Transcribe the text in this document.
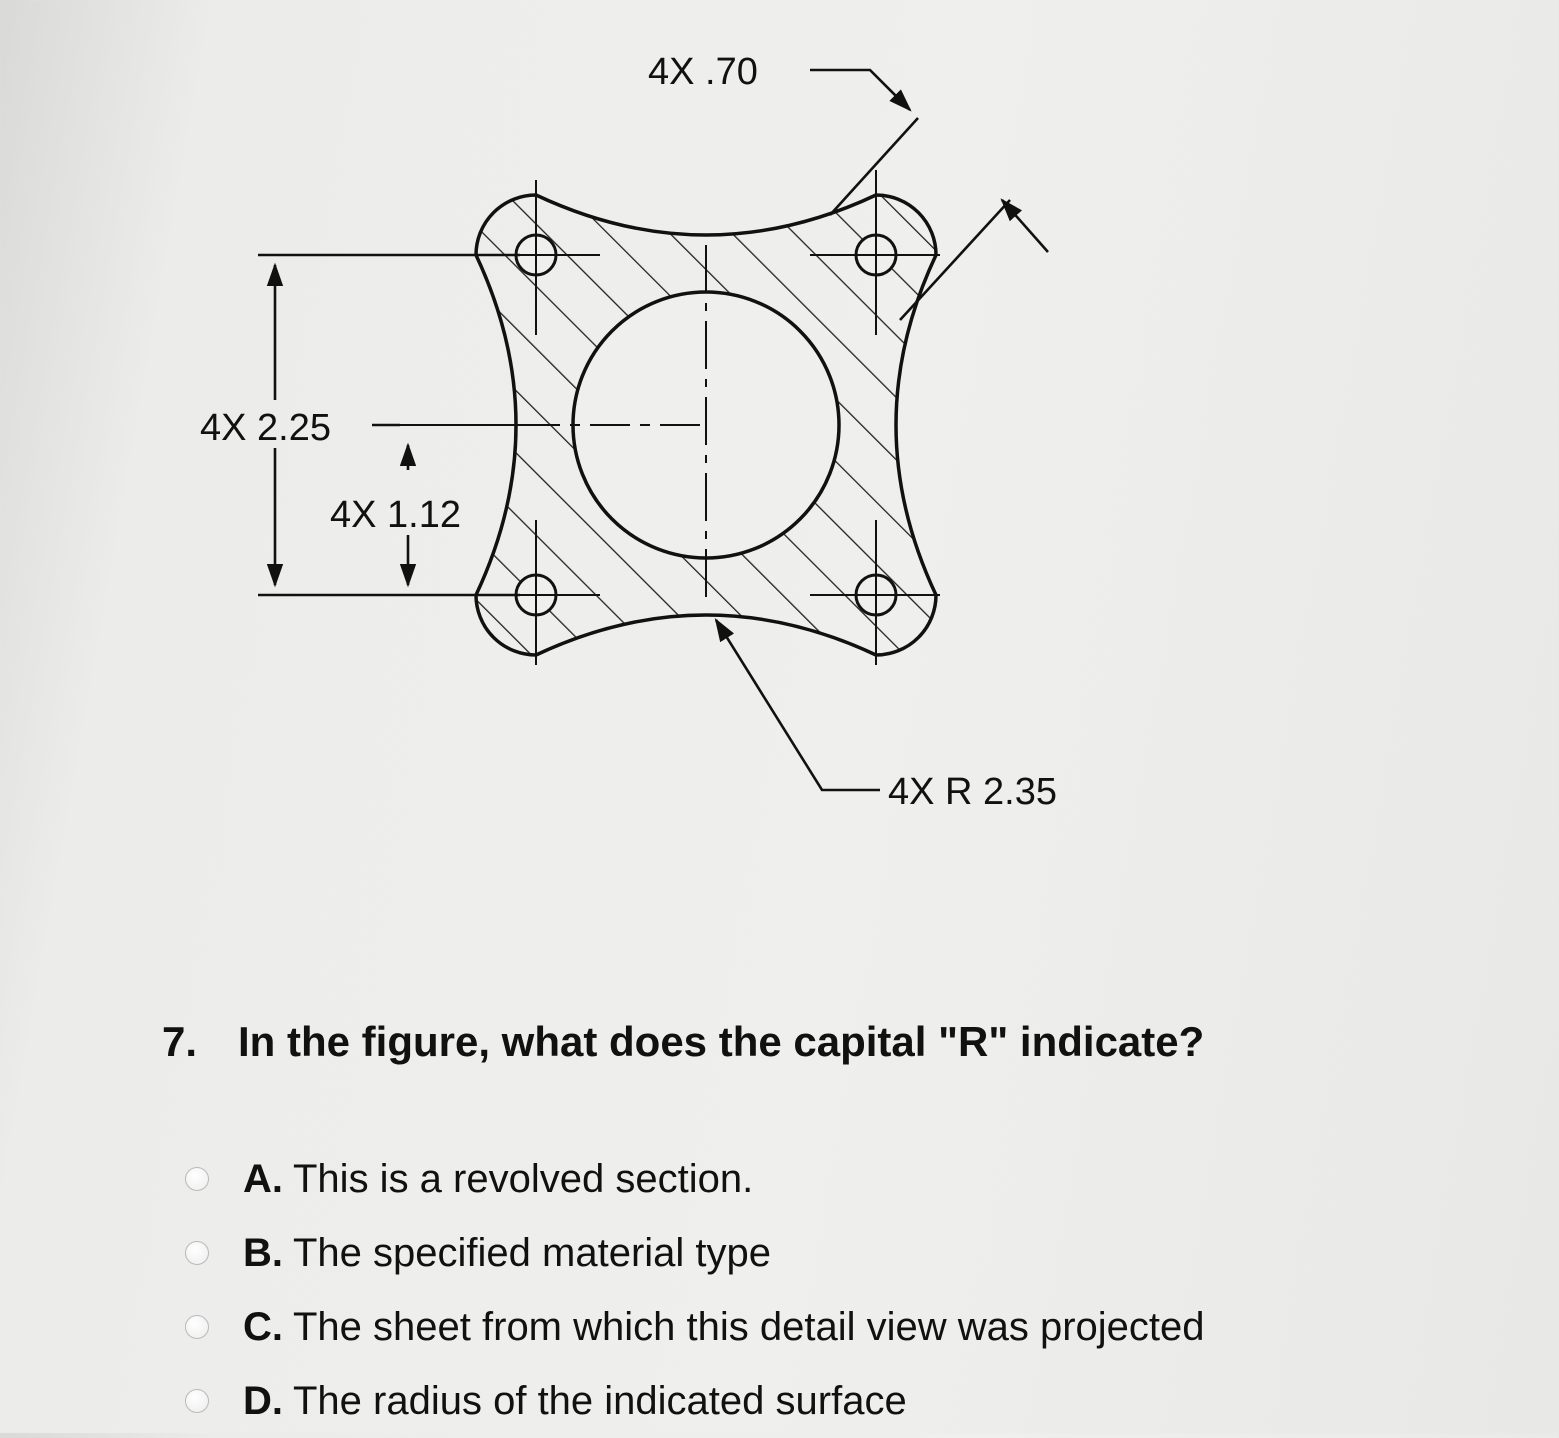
4X .70
4X 2.25
4X 1.12
4X R 2.35
7. In the figure, what does the capital "R" indicate?
A. This is a revolved section.
B. The specified material type
C. The sheet from which this detail view was projected
D. The radius of the indicated surface
